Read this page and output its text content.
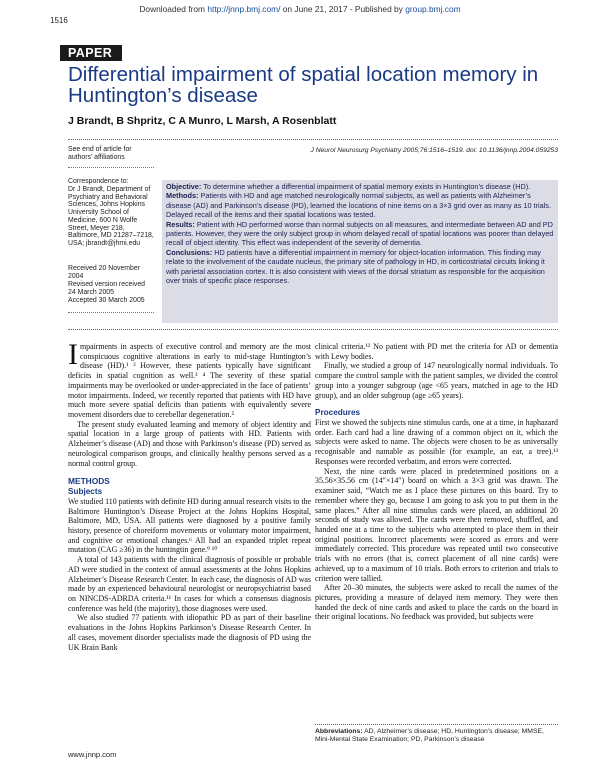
Downloaded from http://jnnp.bmj.com/ on June 21, 2017 - Published by group.bmj.com
1516
PAPER
Differential impairment of spatial location memory in Huntington’s disease
J Brandt, B Shpritz, C A Munro, L Marsh, A Rosenblatt
See end of article for authors’ affiliations
Correspondence to:
Dr J Brandt, Department of Psychiatry and Behavioral Sciences, Johns Hopkins University School of Medicine, 600 N Wolfe Street, Meyer 218, Baltimore, MD 21287–7218, USA; jbrandt@jhmi.edu
Received 20 November 2004
Revised version received 24 March 2005
Accepted 30 March 2005
J Neurol Neurosurg Psychiatry 2005;76:1516–1519. doi: 10.1136/jnnp.2004.059253

Objective: To determine whether a differential impairment of spatial memory exists in Huntington’s disease (HD).

Methods: Patients with HD and age matched neurologically normal subjects, as well as patients with Alzheimer’s disease (AD) and Parkinson’s disease (PD), learned the locations of nine items on a 3×3 grid over as many as 10 trials. Delayed recall of the items and their spatial locations was tested.

Results: Patient with HD performed worse than normal subjects on all measures, and intermediate between AD and PD patients. However, they were the only subject group in whom delayed recall of spatial locations was poorer than delayed recall of object identity. This effect was independent of the severity of dementia.

Conclusions: HD patients have a differential impairment in memory for object-location information. This finding may relate to the involvement of the caudate nucleus, the primary site of pathology in HD, in corticostriatal circuits linking it with parietal association cortex. It is also consistent with views of the dorsal striatum as responsible for the acquisition over trials of specific place responses.

Impairments in aspects of executive control and memory are the most conspicuous cognitive alterations in early to mid-stage Huntington’s disease (HD).¹ ² However, these patients typically have significant deficits in spatial cognition as well.³ ⁴ The severity of these spatial impairments may be overlooked or under-appreciated in the face of patients’ motor impairments. Indeed, we recently reported that patients with HD have much more severe spatial deficits than patients with equivalently severe movement disorders due to cerebellar degeneration.⁵

The present study evaluated learning and memory of object identity and spatial location in a large group of patients with HD. Patients with Alzheimer’s disease (AD) and those with Parkinson’s disease (PD) served as neurological comparison groups, and clinically healthy persons served as a normal control group.

METHODS
Subjects

We studied 110 patients with definite HD during annual research visits to the Baltimore Huntington’s Disease Project at the Johns Hopkins Hospital, Baltimore, MD, USA. All patients were diagnosed by a positive family history, presence of choreiform movements or voluntary motor impairment, and cognitive or emotional changes.⁶ All had an expanded triplet repeat mutation (CAG ≥36) in the huntingtin gene.⁹ ¹⁰

A total of 143 patients with the clinical diagnosis of possible or probable AD were studied in the context of annual assessments at the Johns Hopkins Alzheimer’s Disease Research Center. In each case, the diagnosis of AD was made by an experienced behavioural neurologist or neuropsychiatrist based on NINCDS-ADRDA criteria.¹¹ In cases for which a consensus diagnosis conference was held (the majority), those diagnoses were used.

We also studied 77 patients with idiopathic PD as part of their baseline evaluations in the Johns Hopkins Parkinson’s Disease Research Center. In all cases, movement disorder specialists made the diagnosis of PD using the UK Brain Bank

clinical criteria.¹² No patient with PD met the criteria for AD or dementia with Lewy bodies.

Finally, we studied a group of 147 neurologically normal individuals. To compare the control sample with the patient samples, we divided the control group into a younger subgroup (age <65 years, matched in age to the HD group), and an older subgroup (age ≥65 years).

Procedures

First we showed the subjects nine stimulus cards, one at a time, in haphazard order. Each card had a line drawing of a common object on it, which the subjects were asked to name. The objects were chosen to be as universally recognisable and namable as possible (for example, an ear, a tree).¹³ Responses were recorded verbatim, and errors were corrected.

Next, the nine cards were placed in predetermined positions on a 35.56×35.56 cm (14″×14″) board on which a 3×3 grid was drawn. The examiner said, “Watch me as I place these pictures on this board. Try to remember where they go, because I am going to ask you to put them in the same places.” After all nine stimulus cards were placed, an additional 20 seconds of study was allowed. The cards were then removed, shuffled, and handed one at a time to the subjects who attempted to place them in their original positions. Incorrect placements were scored as errors and were immediately corrected. This procedure was repeated until two consecutive trials with no errors (that is, correct placement of all nine cards) were achieved, up to a maximum of 10 trials. Both errors to criterion and trials to criterion were tallied.

After 20–30 minutes, the subjects were asked to recall the names of the pictures, providing a measure of delayed item memory. They were then handed the deck of nine cards and asked to place the cards on the board in their original locations. No feedback was provided, but subjects were

Abbreviations: AD, Alzheimer’s disease; HD, Huntington’s disease; MMSE, Mini-Mental State Examination; PD, Parkinson’s disease
www.jnnp.com
